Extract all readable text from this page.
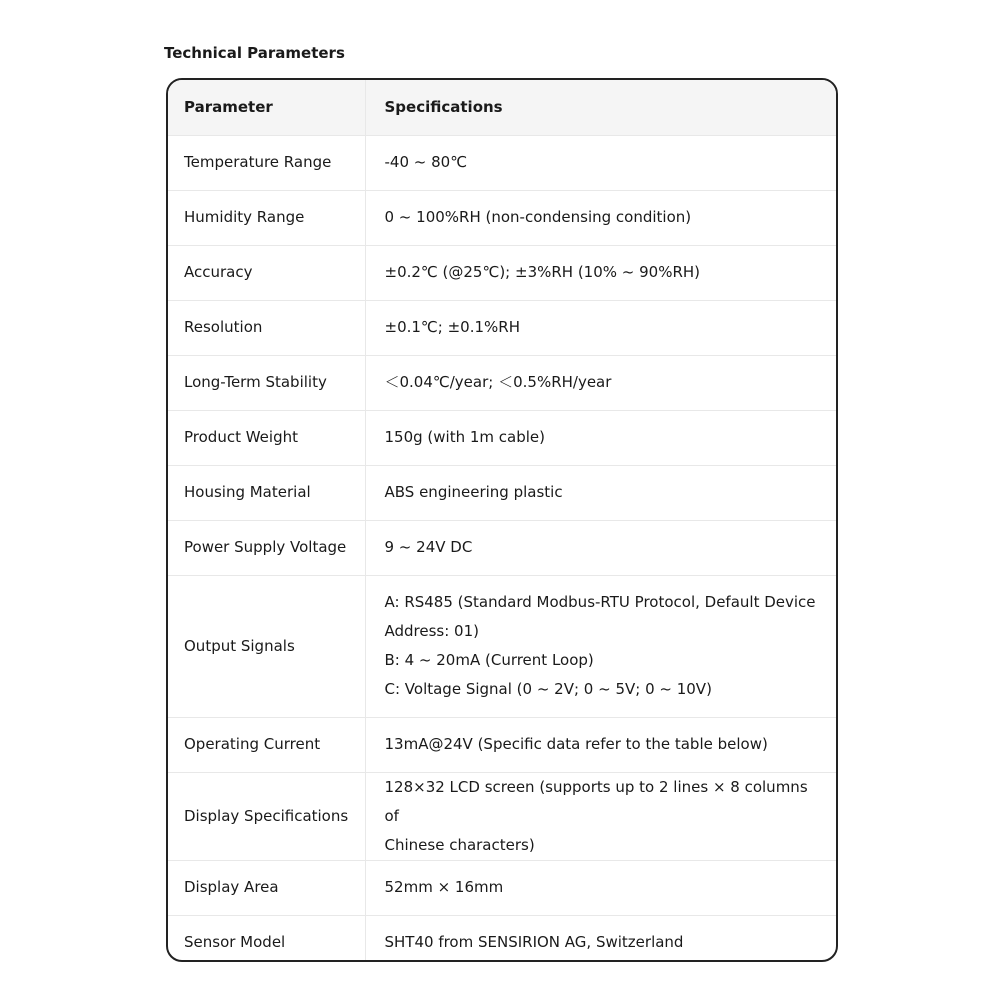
Technical Parameters
Parameter	Specifications
Temperature Range	-40 ~ 80℃

Humidity Range	0 ~ 100%RH (non-condensing condition)

Accuracy	±0.2℃ (@25℃); ±3%RH (10% ~ 90%RH)

Resolution	±0.1℃; ±0.1%RH

Long-Term Stability	＜0.04℃/year; ＜0.5%RH/year

Product Weight	150g (with 1m cable)

Housing Material	ABS engineering plastic

Power Supply Voltage	9 ~ 24V DC

Output Signals	A: RS485 (Standard Modbus-RTU Protocol, Default Device
Address: 01)
B: 4 ~ 20mA (Current Loop)
C: Voltage Signal (0 ~ 2V; 0 ~ 5V; 0 ~ 10V)

Operating Current	13mA@24V (Specific data refer to the table below)

Display Specifications	128×32 LCD screen (supports up to 2 lines × 8 columns of
Chinese characters)

Display Area	52mm × 16mm

Sensor Model	SHT40 from SENSIRION AG, Switzerland
